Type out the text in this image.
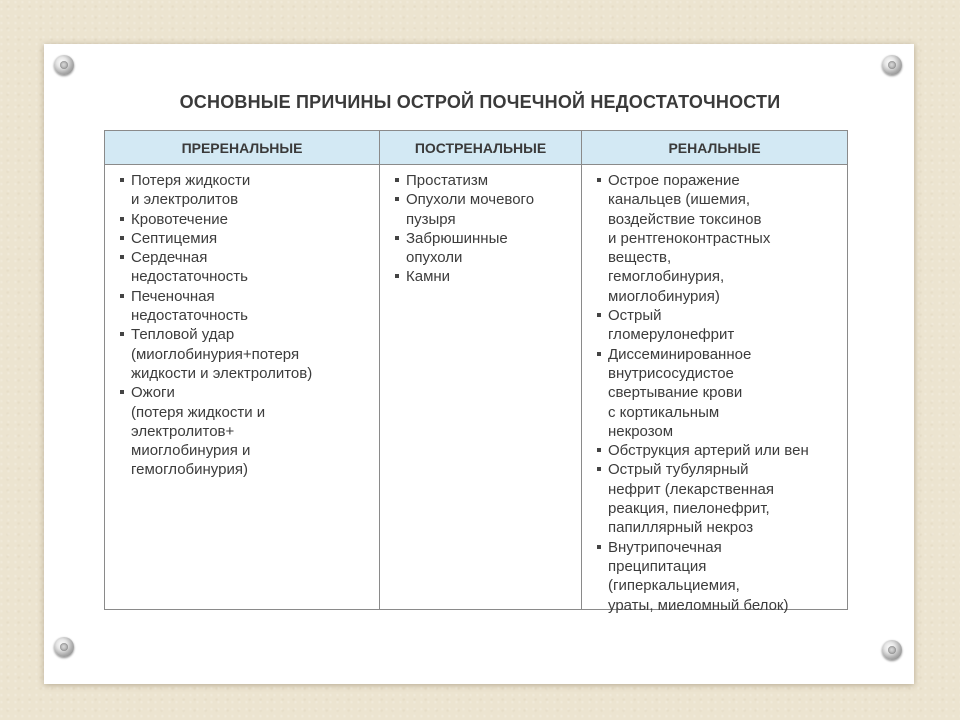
ОСНОВНЫЕ ПРИЧИНЫ ОСТРОЙ ПОЧЕЧНОЙ НЕДОСТАТОЧНОСТИ
ПРЕРЕНАЛЬНЫЕ	ПОСТРЕНАЛЬНЫЕ	РЕНАЛЬНЫЕ
Потеря жидкости
и электролитов
Кровотечение
Септицемия
Сердечная
недостаточность
Печеночная
недостаточность
Тепловой удар
(миоглобинурия+потеря
жидкости и электролитов)
Ожоги
(потеря жидкости и
электролитов+
миоглобинурия и
гемоглобинурия)
Простатизм
Опухоли мочевого
пузыря
Забрюшинные
опухоли
Камни
Острое поражение
канальцев (ишемия,
воздействие токсинов
и рентгеноконтрастных
веществ,
гемоглобинурия,
миоглобинурия)
Острый
гломерулонефрит
Диссеминированное
внутрисосудистое
свертывание крови
с кортикальным
некрозом
Обструкция артерий или вен
Острый тубулярный
нефрит (лекарственная
реакция, пиелонефрит,
папиллярный некроз
Внутрипочечная
преципитация
(гиперкальциемия,
ураты, миеломный белок)
